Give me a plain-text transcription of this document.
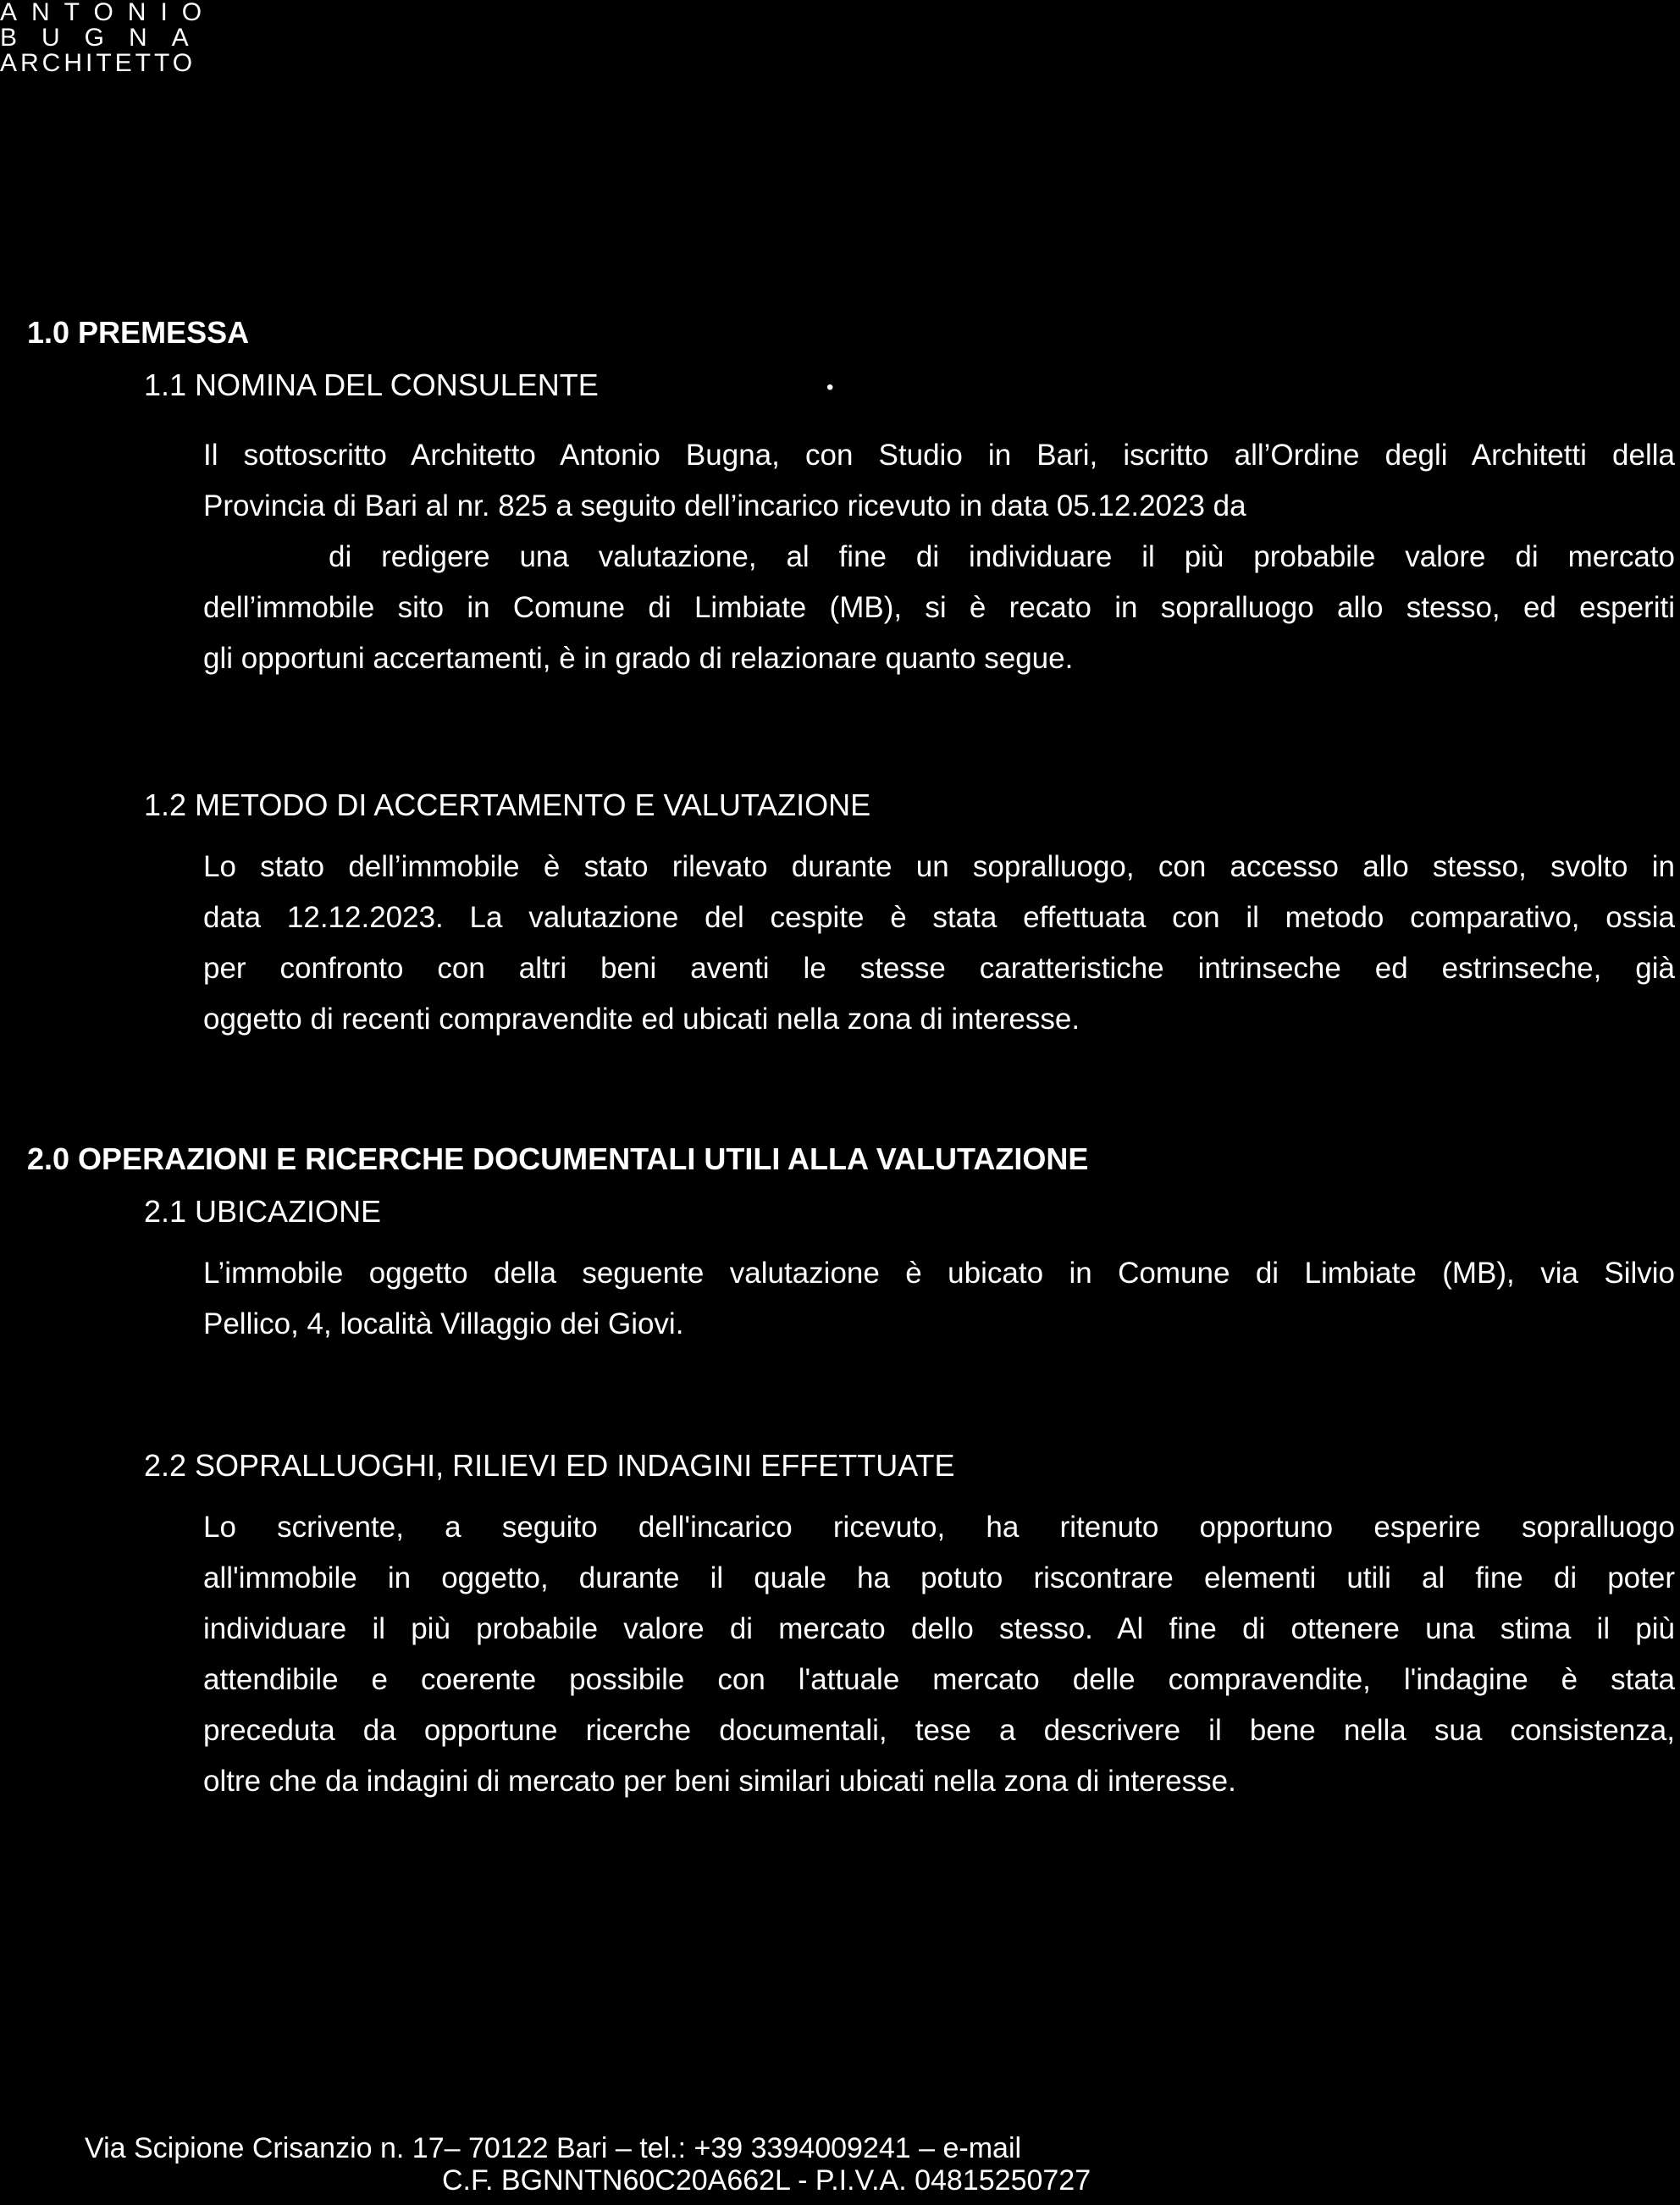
ANTONIO
BUGNA
ARCHITETTO
1.0 PREMESSA
1.1 NOMINA DEL CONSULENTE	•
Il sottoscritto Architetto Antonio Bugna, con Studio in Bari, iscritto all’Ordine degli Architetti della
Provincia di Bari al nr. 825 a seguito dell’incarico ricevuto in data 05.12.2023 da
di redigere una valutazione, al fine di individuare il più probabile valore di mercato
dell’immobile sito in Comune di Limbiate (MB), si è recato in sopralluogo allo stesso, ed esperiti
gli opportuni accertamenti, è in grado di relazionare quanto segue.
1.2 METODO DI ACCERTAMENTO E VALUTAZIONE
Lo stato dell’immobile è stato rilevato durante un sopralluogo, con accesso allo stesso, svolto in
data 12.12.2023. La valutazione del cespite è stata effettuata con il metodo comparativo, ossia
per confronto con altri beni aventi le stesse caratteristiche intrinseche ed estrinseche, già
oggetto di recenti compravendite ed ubicati nella zona di interesse.
2.0 OPERAZIONI E RICERCHE DOCUMENTALI UTILI ALLA VALUTAZIONE
2.1 UBICAZIONE
L’immobile oggetto della seguente valutazione è ubicato in Comune di Limbiate (MB), via Silvio
Pellico, 4, località Villaggio dei Giovi.
2.2 SOPRALLUOGHI, RILIEVI ED INDAGINI EFFETTUATE
Lo scrivente, a seguito dell'incarico ricevuto, ha ritenuto opportuno esperire sopralluogo
all'immobile in oggetto, durante il quale ha potuto riscontrare elementi utili al fine di poter
individuare il più probabile valore di mercato dello stesso. Al fine di ottenere una stima il più
attendibile e coerente possibile con l'attuale mercato delle compravendite, l'indagine è stata
preceduta da opportune ricerche documentali, tese a descrivere il bene nella sua consistenza,
oltre che da indagini di mercato per beni similari ubicati nella zona di interesse.
Via Scipione Crisanzio n. 17– 70122 Bari – tel.: +39 3394009241 – e-mail
C.F. BGNNTN60C20A662L - P.I.V.A. 04815250727
